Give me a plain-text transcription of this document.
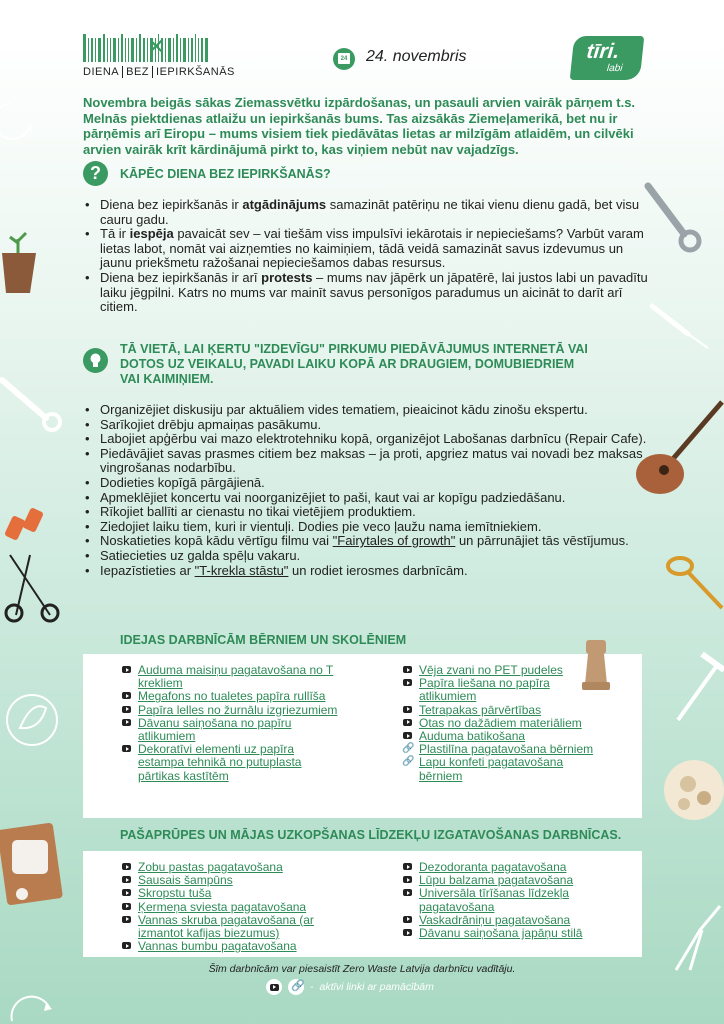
✕
DIENA BEZ IEPIRKŠANĀS
24 24. novembris	tīri.
labi
Novembra beigās sākas Ziemassvētku izpārdošanas, un pasauli arvien vairāk pārņem t.s. Melnās piektdienas atlaižu un iepirkšanās bums. Tas aizsākās Ziemeļamerikā, bet nu ir pārņēmis arī Eiropu – mums visiem tiek piedāvātas lietas ar milzīgām atlaidēm, un cilvēki arvien vairāk krīt kārdinājumā pirkt to, kas viņiem nebūt nav vajadzīgs.
?	KĀPĒC DIENA BEZ IEPIRKŠANĀS?
• Diena bez iepirkšanās ir atgādinājums samazināt patēriņu ne tikai vienu dienu gadā, bet visu cauru gadu.
• Tā ir iespēja pavaicāt sev – vai tiešām viss impulsīvi iekārotais ir nepieciešams? Varbūt varam lietas labot, nomāt vai aizņemties no kaimiņiem, tādā veidā samazināt savus izdevumus un jaunu priekšmetu ražošanai nepieciešamos dabas resursus.
• Diena bez iepirkšanās ir arī protests – mums nav jāpērk un jāpatērē, lai justos labi un pavadītu laiku jēgpilni. Katrs no mums var mainīt savus personīgos paradumus un aicināt to darīt arī citiem.
TĀ VIETĀ, LAI ĶERTU "IZDEVĪGU" PIRKUMU PIEDĀVĀJUMUS INTERNETĀ VAI DOTOS UZ VEIKALU, PAVADI LAIKU KOPĀ AR DRAUGIEM, DOMUBIEDRIEM VAI KAIMIŅIEM.
• Organizējiet diskusiju par aktuāliem vides tematiem, pieaicinot kādu zinošu ekspertu.
• Sarīkojiet drēbju apmaiņas pasākumu.
• Labojiet apģērbu vai mazo elektrotehniku kopā, organizējot Labošanas darbnīcu (Repair Cafe).
• Piedāvājiet savas prasmes citiem bez maksas – ja proti, apgriez matus vai novadi bez maksas vingrošanas nodarbību.
• Dodieties kopīgā pārgājienā.
• Apmeklējiet koncertu vai noorganizējiet to paši, kaut vai ar kopīgu padziedāšanu.
• Rīkojiet ballīti ar cienastu no tikai vietējiem produktiem.
• Ziedojiet laiku tiem, kuri ir vientuļi. Dodies pie veco ļaužu nama iemītniekiem.
• Noskatieties kopā kādu vērtīgu filmu vai "Fairytales of growth" un pārrunājiet tās vēstījumus.
• Satiecieties uz galda spēļu vakaru.
• Iepazīstieties ar "T-krekla stāstu" un rodiet ierosmes darbnīcām.
IDEJAS DARBNĪCĀM BĒRNIEM UN SKOLĒNIEM
Auduma maisiņu pagatavošana no T krekliem
Megafons no tualetes papīra rullīša
Papīra lelles no žurnālu izgriezumiem
Dāvanu saiņošana no papīru atlikumiem
Dekoratīvi elementi uz papīra estampa tehnikā no putuplasta pārtikas kastītēm
Vēja zvani no PET pudeles
Papīra liešana no papīra atlikumiem
Tetrapakas pārvērtības
Otas no dažādiem materiāliem
Auduma batikošana
🔗 Plastilīna pagatavošana bērniem
🔗 Lapu konfeti pagatavošana bērniem
PAŠAPRŪPES UN MĀJAS UZKOPŠANAS LĪDZEKĻU IZGATAVOŠANAS DARBNĪCAS.
Zobu pastas pagatavošana
Sausais šampūns
Skropstu tuša
Ķermeņa sviesta pagatavošana
Vannas skruba pagatavošana (ar izmantot kafijas biezumus)
Vannas bumbu pagatavošana
Dezodoranta pagatavošana
Lūpu balzama pagatavošana
Universāla tīrīšanas līdzekļa pagatavošana
Vaskadrāniņu pagatavošana
Dāvanu saiņošana japāņu stilā
Šīm darbnīcām var piesaistīt Zero Waste Latvija darbnīcu vadītāju.
🔗 - aktīvi linki ar pamācībām
